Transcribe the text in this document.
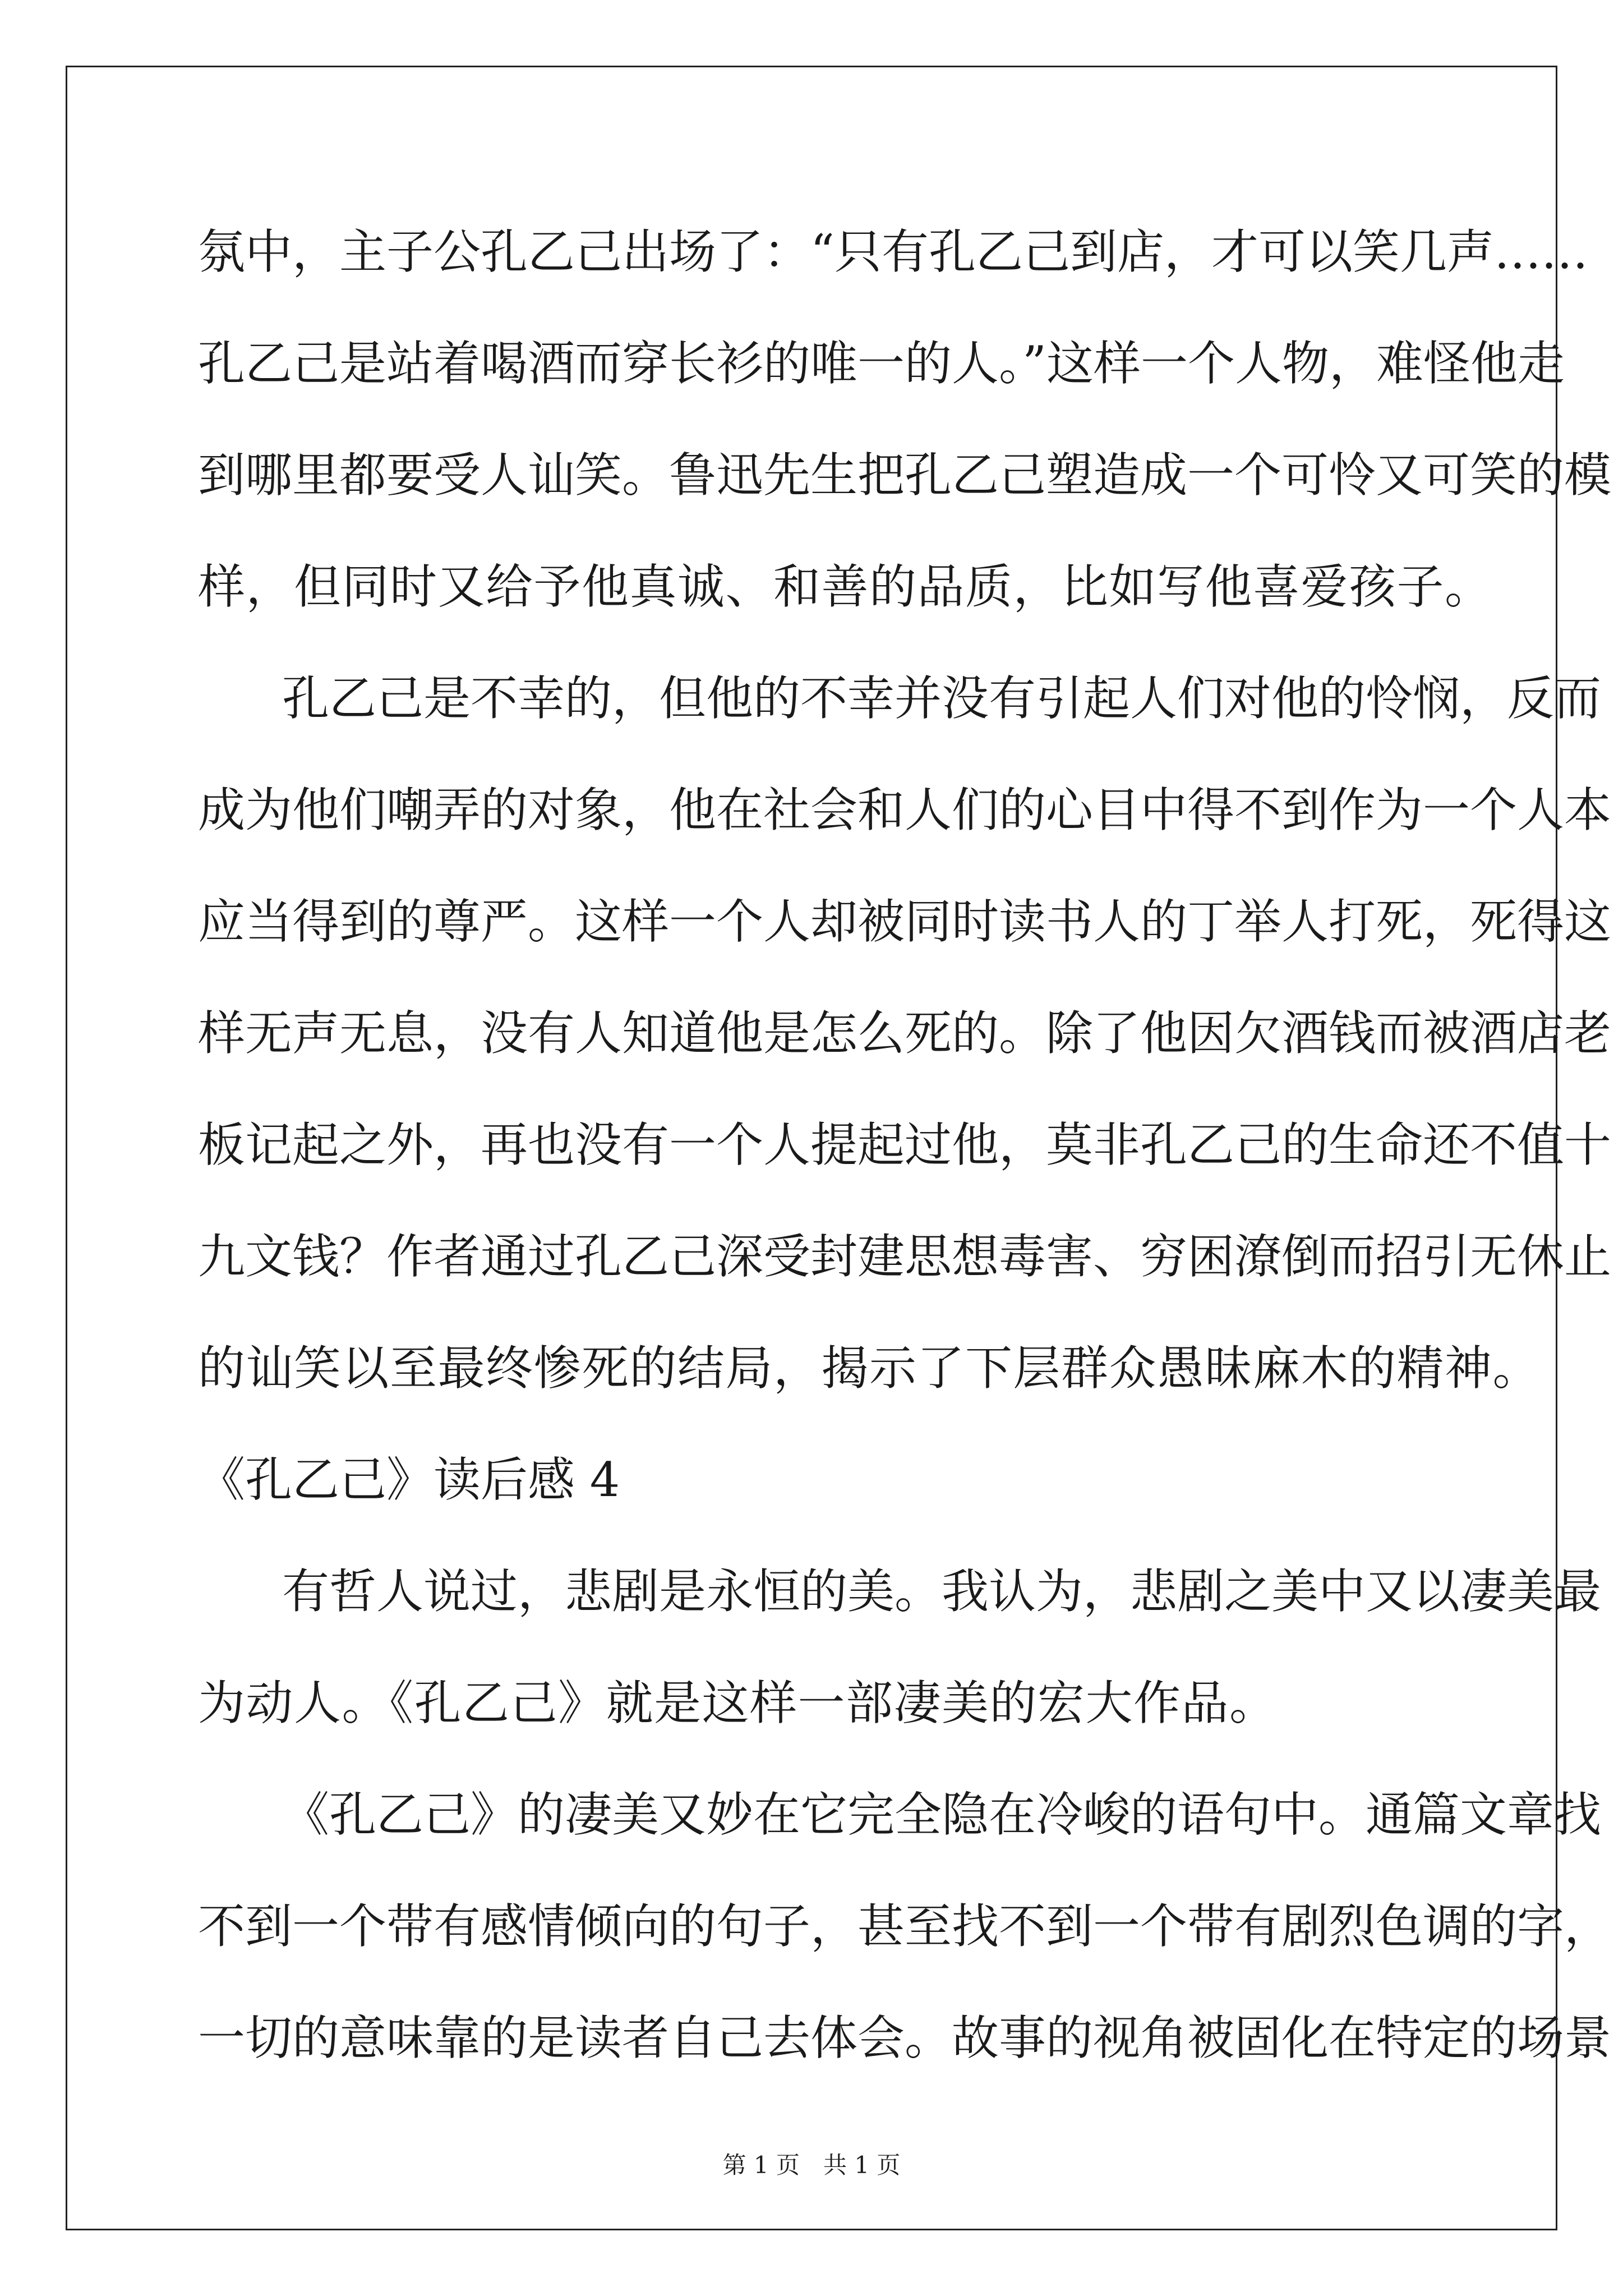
氛中，主子公孔乙己出场了：“只有孔乙己到店，才可以笑几声……
孔乙己是站着喝酒而穿长衫的唯一的人。”这样一个人物，难怪他走
到哪里都要受人讪笑。鲁迅先生把孔乙己塑造成一个可怜又可笑的模
样，但同时又给予他真诚、和善的品质，比如写他喜爱孩子。
孔乙己是不幸的，但他的不幸并没有引起人们对他的怜悯，反而
成为他们嘲弄的对象，他在社会和人们的心目中得不到作为一个人本
应当得到的尊严。这样一个人却被同时读书人的丁举人打死，死得这
样无声无息，没有人知道他是怎么死的。除了他因欠酒钱而被酒店老
板记起之外，再也没有一个人提起过他，莫非孔乙己的生命还不值十
九文钱？作者通过孔乙己深受封建思想毒害、穷困潦倒而招引无休止
的讪笑以至最终惨死的结局，揭示了下层群众愚昧麻木的精神。
《孔乙己》读后感 4
有哲人说过，悲剧是永恒的美。我认为，悲剧之美中又以凄美最
为动人。《孔乙己》就是这样一部凄美的宏大作品。
《孔乙己》的凄美又妙在它完全隐在冷峻的语句中。通篇文章找
不到一个带有感情倾向的句子，甚至找不到一个带有剧烈色调的字，
一切的意味靠的是读者自己去体会。故事的视角被固化在特定的场景
第 1 页 共 1 页
